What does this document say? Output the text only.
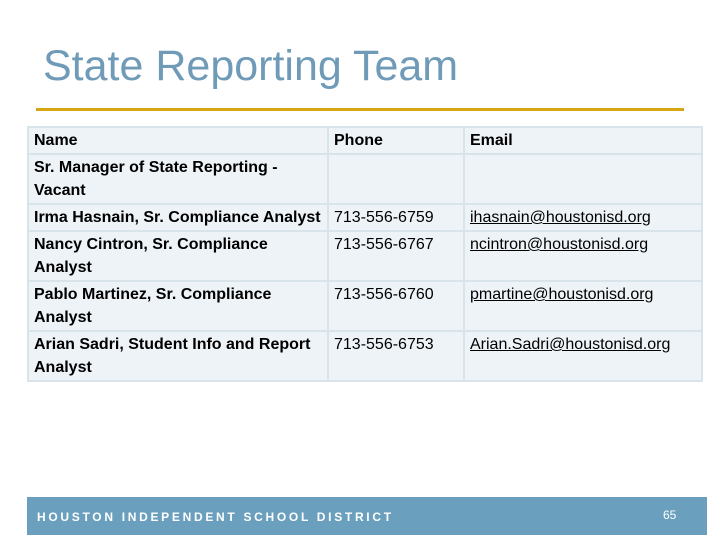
State Reporting Team
Name	Phone	Email
Sr. Manager of State Reporting - Vacant		
Irma Hasnain, Sr. Compliance Analyst	713-556-6759	ihasnain@houstonisd.org
Nancy Cintron, Sr. Compliance Analyst	713-556-6767	ncintron@houstonisd.org
Pablo Martinez, Sr. Compliance Analyst	713-556-6760	pmartine@houstonisd.org
Arian Sadri, Student Info and Report Analyst	713-556-6753	Arian.Sadri@houstonisd.org
HOUSTON INDEPENDENT SCHOOL DISTRICT	65
